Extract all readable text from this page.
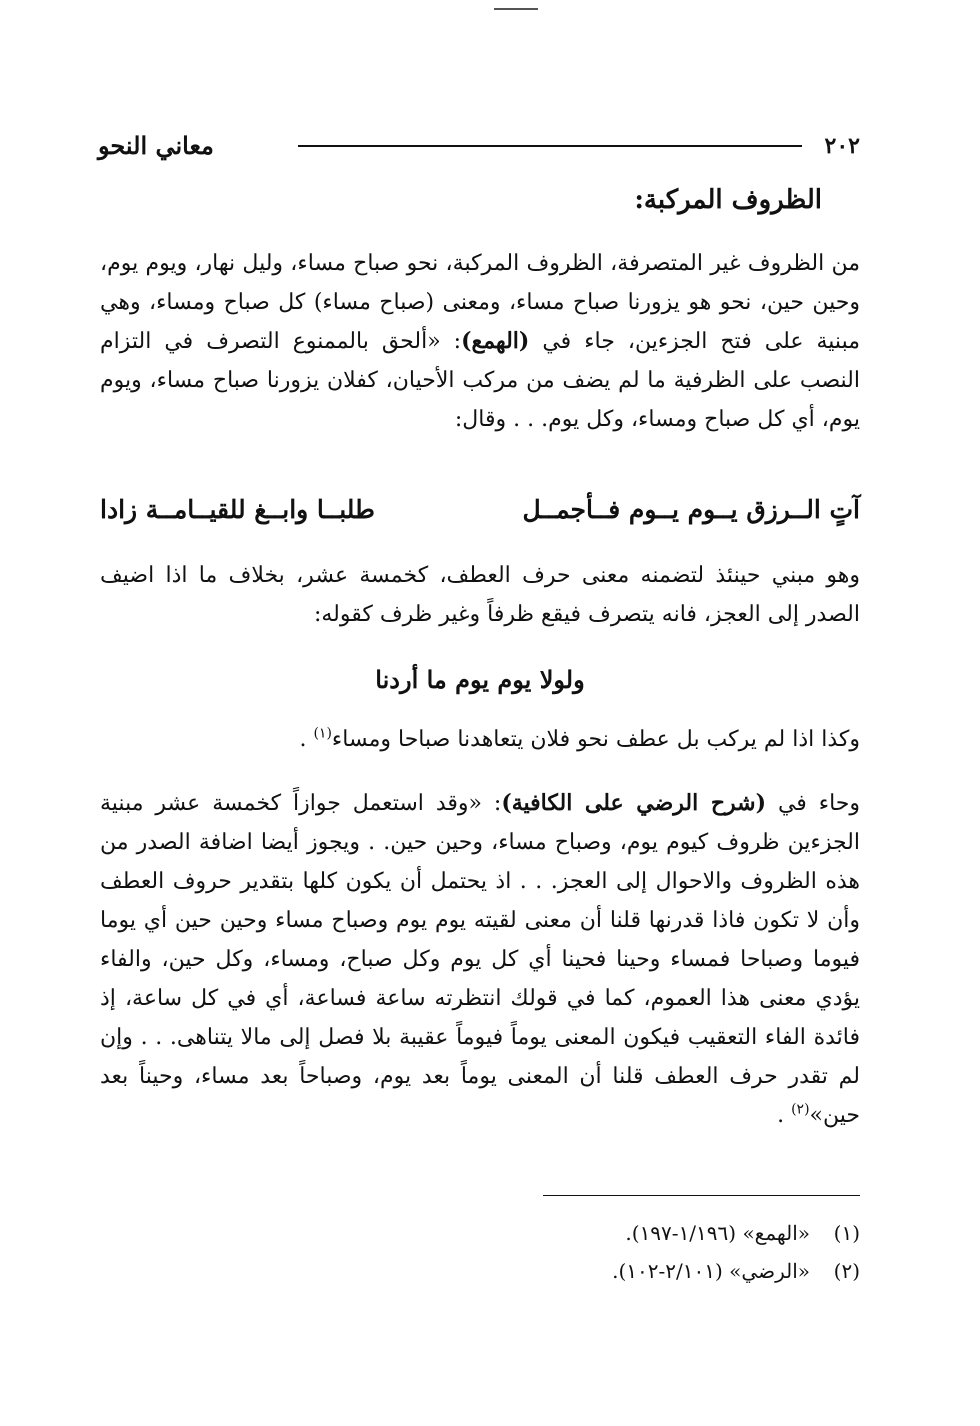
٢٠٢
معاني النحو
الظروف المركبة:

من الظروف غير المتصرفة، الظروف المركبة، نحو صباح مساء، وليل نهار، ويوم يوم، وحين حين، نحو هو يزورنا صباح مساء، ومعنى (صباح مساء) كل صباح ومساء، وهي مبنية على فتح الجزءين، جاء في (الهمع): «ألحق بالممنوع التصرف في التزام النصب على الظرفية ما لم يضف من مركب الأحيان، كفلان يزورنا صباح مساء، ويوم يوم، أي كل صباح ومساء، وكل يوم. . . وقال:

آتٍ الــرزق يــوم يــوم فــأجمــل
طلبــا وابــغ للقيــامــة زادا

وهو مبني حينئذ لتضمنه معنى حرف العطف، كخمسة عشر، بخلاف ما اذا اضيف الصدر إلى العجز، فانه يتصرف فيقع ظرفاً وغير ظرف كقوله:

ولولا يوم يوم ما أردنا

وكذا اذا لم يركب بل عطف نحو فلان يتعاهدنا صباحا ومساء$^{(١)}$ .

وحاء في (شرح الرضي على الكافية): «وقد استعمل جوازاً كخمسة عشر مبنية الجزءين ظروف كيوم يوم، وصباح مساء، وحين حين. . ويجوز أيضا اضافة الصدر من هذه الظروف والاحوال إلى العجز. . . اذ يحتمل أن يكون كلها بتقدير حروف العطف وأن لا تكون فاذا قدرنها قلنا أن معنى لقيته يوم يوم وصباح مساء وحين حين أي يوما فيوما وصباحا فمساء وحينا فحينا أي كل يوم وكل صباح، ومساء، وكل حين، والفاء يؤدي معنى هذا العموم، كما في قولك انتظرته ساعة فساعة، أي في كل ساعة، إذ فائدة الفاء التعقيب فيكون المعنى يوماً فيوماً عقيبة بلا فصل إلى مالا يتناهى. . . وإن لم تقدر حرف العطف قلنا أن المعنى يوماً بعد يوم، وصباحاً بعد مساء، وحيناً بعد حين»$^{(٢)}$ .

(١)«الهمع» (١/١٩٦-١٩٧).
(٢)«الرضي» (٢/١٠١-١٠٢).
